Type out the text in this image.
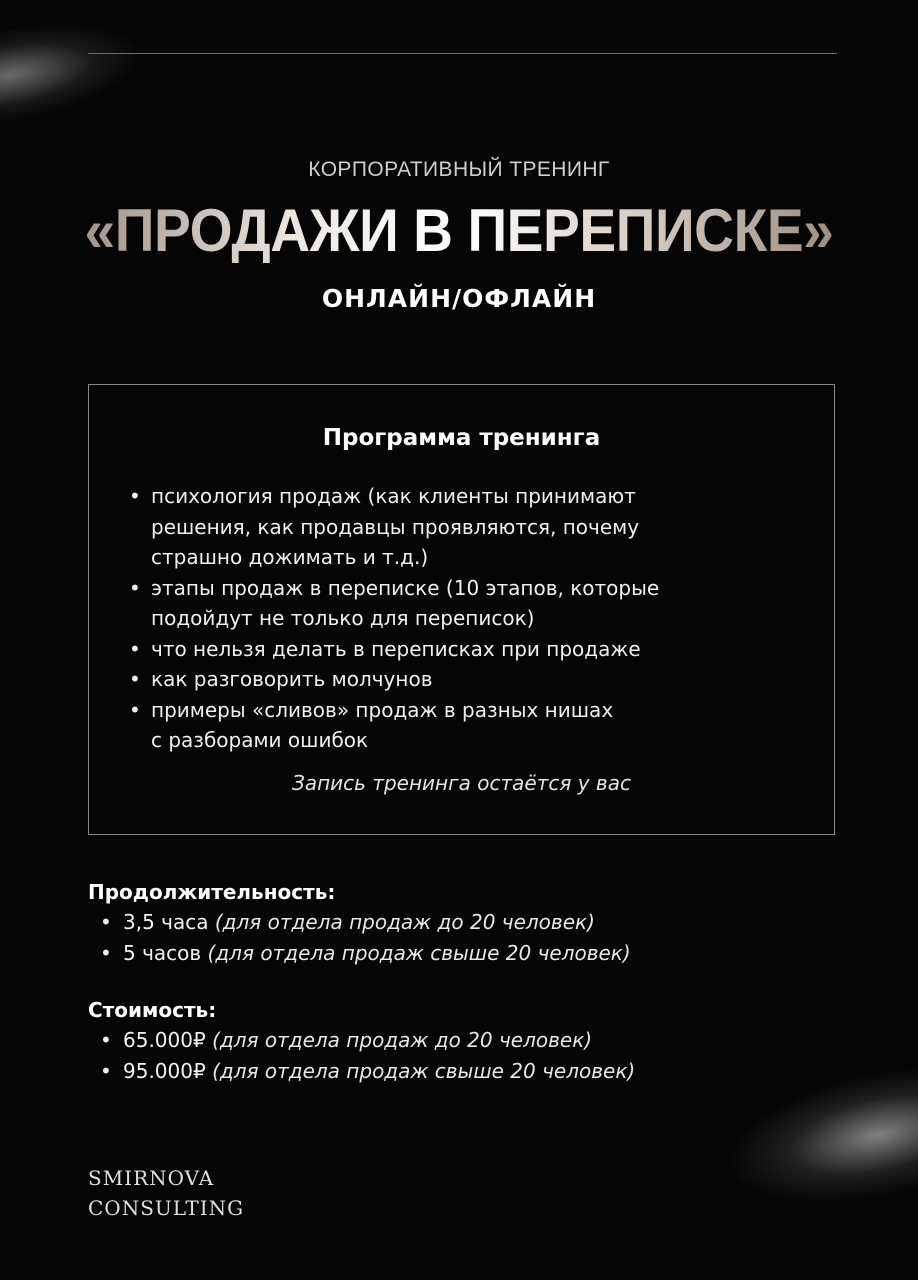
КОРПОРАТИВНЫЙ ТРЕНИНГ
«ПРОДАЖИ В ПЕРЕПИСКЕ»
ОНЛАЙН/ОФЛАЙН
Программа тренинга
• психология продаж (как клиенты принимают
решения, как продавцы проявляются, почему
страшно дожимать и т.д.)
• этапы продаж в переписке (10 этапов, которые
подойдут не только для переписок)
• что нельзя делать в переписках при продаже
• как разговорить молчунов
• примеры «сливов» продаж в разных нишах
с разборами ошибок
Запись тренинга остаётся у вас
Продолжительность:
• 3,5 часа (для отдела продаж до 20 человек)
• 5 часов (для отдела продаж свыше 20 человек)
Стоимость:
• 65.000₽ (для отдела продаж до 20 человек)
• 95.000₽ (для отдела продаж свыше 20 человек)
SMIRNOVA
CONSULTING
